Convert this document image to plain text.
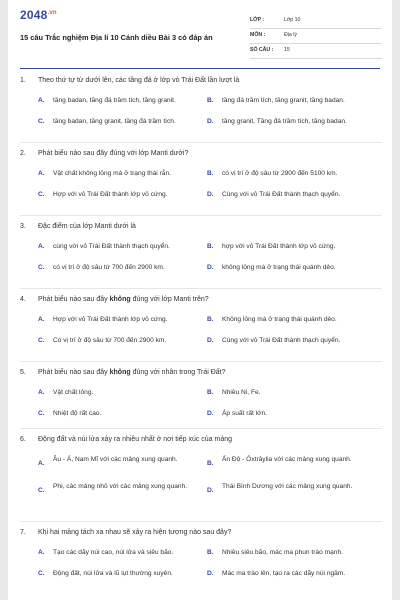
$2048^{.vn}$
15 câu Trắc nghiệm Địa lí 10 Cánh diều Bài 3 có đáp án
LỚP :	Lớp 10
MÔN :	Địa lý
SỐ CÂU : 15
1. Theo thứ tự từ dưới lên, các tầng đá ở lớp vỏ Trái Đất lần lượt là
A.	tầng badan, tầng đá trầm tích, tầng granit.	B.	tầng đá trầm tích, tầng granit, tầng badan.
C.	tầng badan, tầng granit, tầng đá trầm tích.	D.	tầng granit, Tầng đá trầm tích, tầng badan.
2. Phát biểu nào sau đây đúng với lớp Manti dưới?
A.	Vật chất không lỏng mà ở trạng thái rắn.	B.	có vị trí ở độ sâu từ 2900 đến 5100 km.
C.	Hợp với vỏ Trái Đất thành lớp vỏ cứng.	D.	Cùng với vỏ Trái Đất thành thạch quyển.
3. Đặc điểm của lớp Manti dưới là
A.	cùng với vỏ Trái Đất thành thạch quyển.	B.	hợp với vỏ Trái Đất thành lớp vỏ cứng.
C.	có vị trí ở độ sâu từ 700 đến 2900 km.	D.	không lỏng mà ở trạng thái quánh dẻo.
4. Phát biểu nào sau đây không đúng với lớp Manti trên?
A.	Hợp với vỏ Trái Đất thành lớp vỏ cứng.	B.	Không lỏng mà ở trạng thái quánh dẻo.
C.	Có vị trí ở độ sâu từ 700 đến 2900 km.	D.	Cùng với vỏ Trái Đất thành thạch quyển.
5. Phát biểu nào sau đây không đúng với nhân trong Trái Đất?
A.	Vật chất lỏng.	B.	Nhiều Ni, Fe.
C.	Nhiệt độ rất cao.	D.	Áp suất rất lớn.
6. Động đất và núi lửa xảy ra nhiều nhất ở nơi tiếp xúc của mảng
A.
Âu - Á, Nam Mĩ với các mảng xung quanh.
B.
Ấn Độ - Ôxtrâylia với các mảng xung quanh.
C.
Phi, các mảng nhỏ với các mảng xung quanh.
D.
Thái Bình Dương với các mảng xung quanh.
7. Khi hai mảng tách xa nhau sẽ xảy ra hiện tượng nào sau đây?
A.	Tạo các dãy núi cao, núi lửa và siêu bão.	B.	Nhiều siêu bão, mác ma phun trào mạnh.
C.	Động đất, núi lửa và lũ lụt thường xuyên.	D.	Mác ma trào lên, tạo ra các dãy núi ngầm.
